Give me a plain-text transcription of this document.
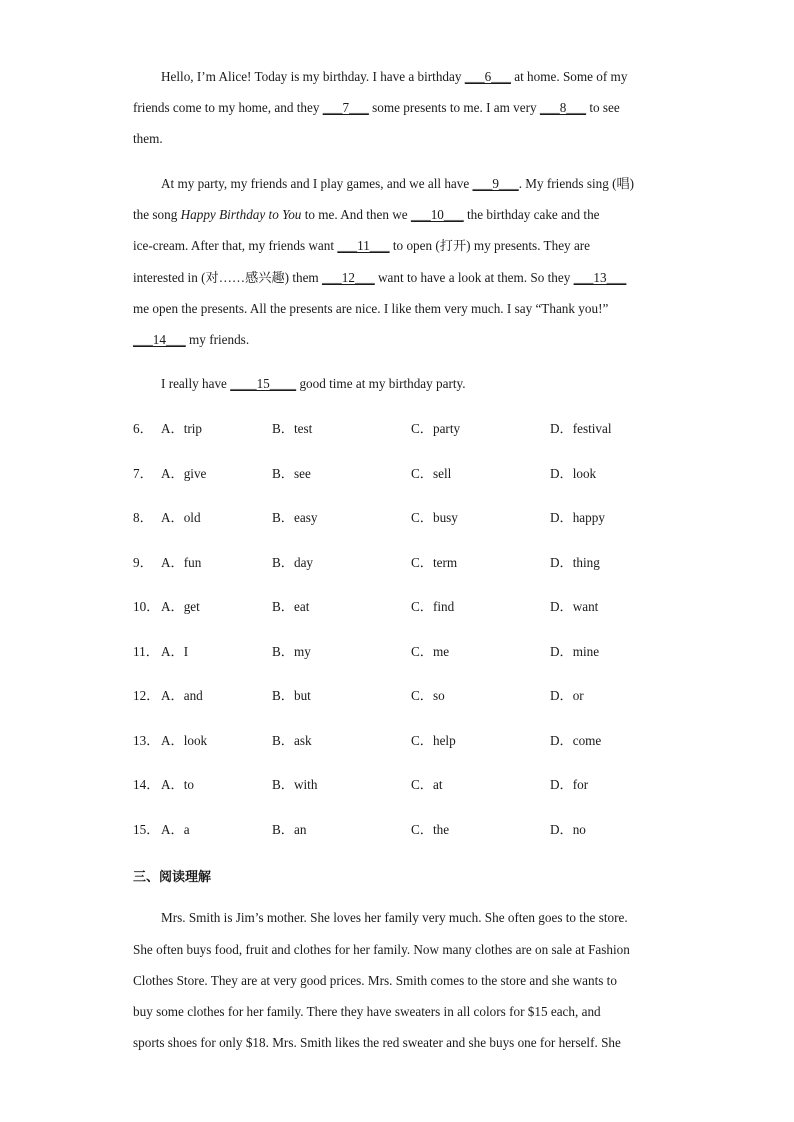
Hello, I’m Alice! Today is my birthday. I have a birthday ___6___ at home. Some of my
friends come to my home, and they ___7___ some presents to me. I am very ___8___ to see
them.
At my party, my friends and I play games, and we all have ___9___. My friends sing (唱)
the song Happy Birthday to You to me. And then we ___10___ the birthday cake and the
ice-cream. After that, my friends want ___11___ to open (打开) my presents. They are
interested in (对……感兴趣) them ___12___ want to have a look at them. So they ___13___
me open the presents. All the presents are nice. I like them very much. I say “Thank you!”
___14___ my friends.
I really have ____15____ good time at my birthday party.
6． A．trip	B．test	C．party	D．festival
7． A．give	B．see	C．sell	D．look
8． A．old	B．easy	C．busy	D．happy
9． A．fun	B．day	C．term	D．thing
10． A．get	B．eat	C．find	D．want
11． A．I	B．my	C．me	D．mine
12． A．and	B．but	C．so	D．or
13． A．look	B．ask	C．help	D．come
14． A．to	B．with	C．at	D．for
15． A．a	B．an	C．the	D．no
三、阅读理解
Mrs. Smith is Jim’s mother. She loves her family very much. She often goes to the store.
She often buys food, fruit and clothes for her family. Now many clothes are on sale at Fashion
Clothes Store. They are at very good prices. Mrs. Smith comes to the store and she wants to
buy some clothes for her family. There they have sweaters in all colors for $15 each, and
sports shoes for only $18. Mrs. Smith likes the red sweater and she buys one for herself. She
